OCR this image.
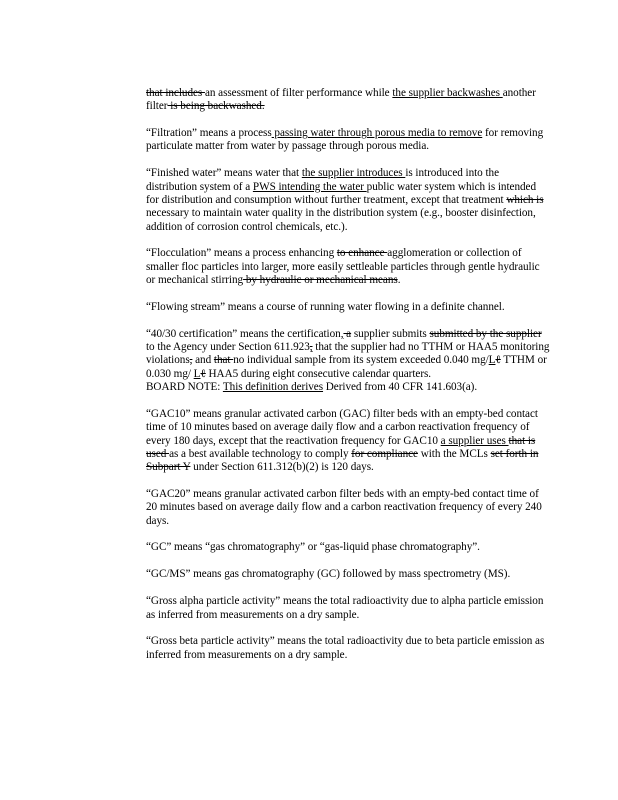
that includes an assessment of filter performance while the supplier backwashes another filter is being backwashed.

“Filtration” means a process passing water through porous media to remove for removing particulate matter from water by passage through porous media.

“Finished water” means water that the supplier introduces is introduced into the distribution system of a PWS intending the water public water system which is intended for distribution and consumption without further treatment, except that treatment which is necessary to maintain water quality in the distribution system (e.g., booster disinfection, addition of corrosion control chemicals, etc.).

“Flocculation” means a process enhancing to enhance agglomeration or collection of smaller floc particles into larger, more easily settleable particles through gentle hydraulic or mechanical stirring by hydraulic or mechanical means.

“Flowing stream” means a course of running water flowing in a definite channel.

“40/30 certification” means the certification, a supplier submits submitted by the supplier to the Agency under Section 611.923, that the supplier had no TTHM or HAA5 monitoring violations, and that no individual sample from its system exceeded 0.040 mg/Lℓ TTHM or 0.030 mg/ Lℓ HAA5 during eight consecutive calendar quarters.

BOARD NOTE: This definition derives Derived from 40 CFR 141.603(a).

“GAC10” means granular activated carbon (GAC) filter beds with an empty-bed contact time of 10 minutes based on average daily flow and a carbon reactivation frequency of every 180 days, except that the reactivation frequency for GAC10 a supplier uses that is used as a best available technology to comply for compliance with the MCLs set forth in Subpart Y under Section 611.312(b)(2) is 120 days.

“GAC20” means granular activated carbon filter beds with an empty-bed contact time of 20 minutes based on average daily flow and a carbon reactivation frequency of every 240 days.

“GC” means “gas chromatography” or “gas-liquid phase chromatography”.

“GC/MS” means gas chromatography (GC) followed by mass spectrometry (MS).

“Gross alpha particle activity” means the total radioactivity due to alpha particle emission as inferred from measurements on a dry sample.

“Gross beta particle activity” means the total radioactivity due to beta particle emission as inferred from measurements on a dry sample.
